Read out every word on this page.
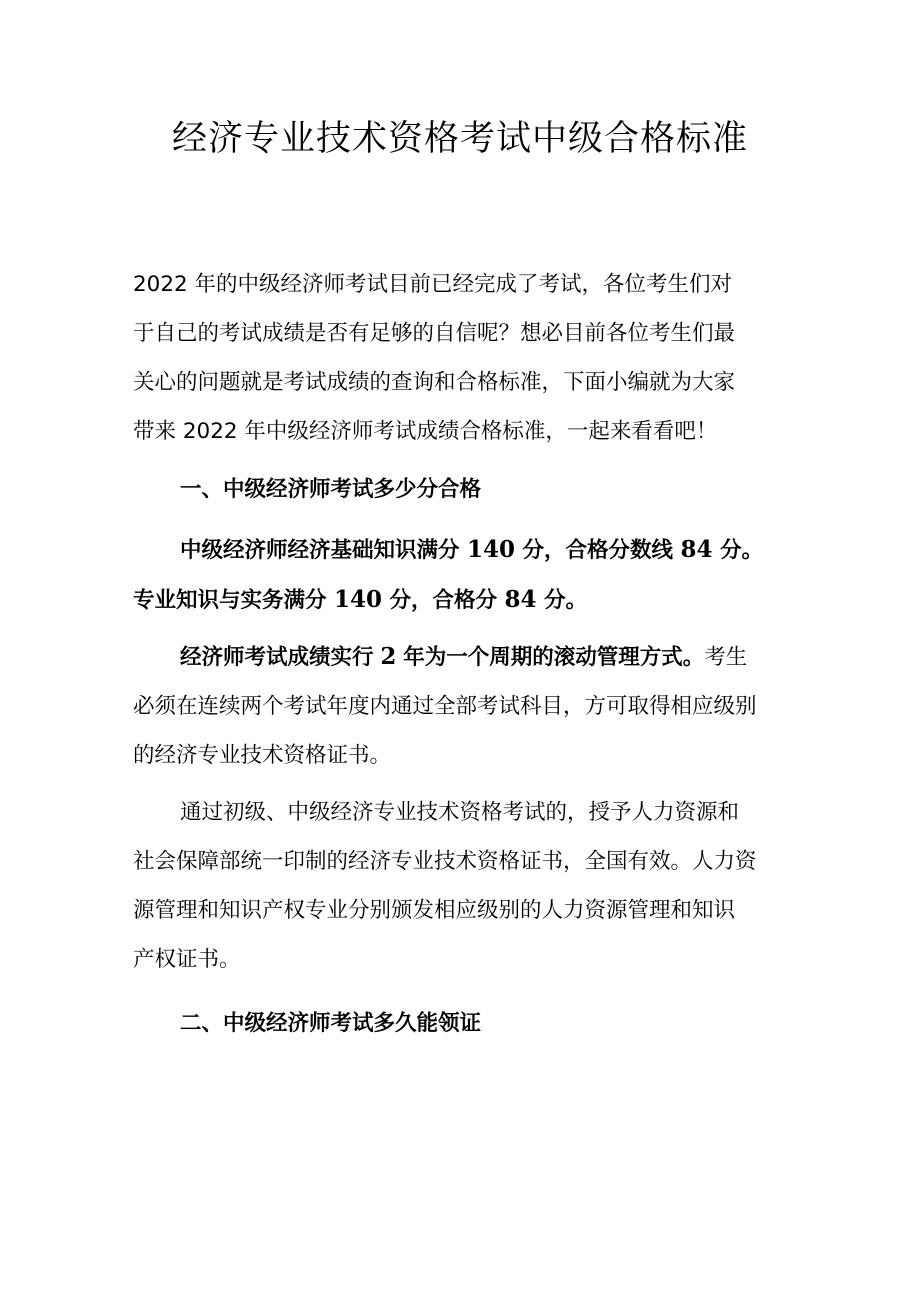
经济专业技术资格考试中级合格标准

2022 年的中级经济师考试目前已经完成了考试，各位考生们对
于自己的考试成绩是否有足够的自信呢？想必目前各位考生们最
关心的问题就是考试成绩的查询和合格标准，下面小编就为大家
带来 2022 年中级经济师考试成绩合格标准，一起来看看吧！

一、中级经济师考试多少分合格

中级经济师经济基础知识满分 140 分，合格分数线 84 分。
专业知识与实务满分 140 分，合格分 84 分。

经济师考试成绩实行 2 年为一个周期的滚动管理方式。考生
必须在连续两个考试年度内通过全部考试科目，方可取得相应级别
的经济专业技术资格证书。

通过初级、中级经济专业技术资格考试的，授予人力资源和
社会保障部统一印制的经济专业技术资格证书，全国有效。人力资
源管理和知识产权专业分别颁发相应级别的人力资源管理和知识
产权证书。

二、中级经济师考试多久能领证
